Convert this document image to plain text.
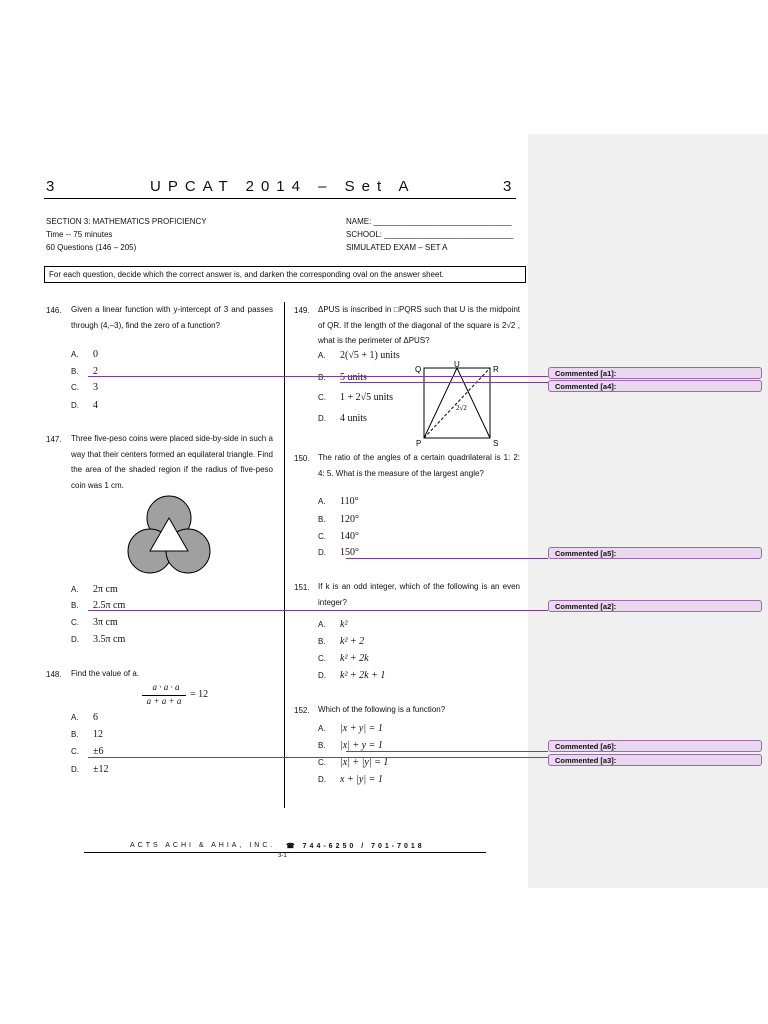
3	UPCAT 2014 – Set A	3
SECTION 3: MATHEMATICS PROFICIENCY
Time -- 75 minutes
60 Questions (146 – 205)
NAME: _______________________________
SCHOOL: _____________________________
SIMULATED EXAM – SET A
For each question, decide which the correct answer is, and darken the corresponding oval on the answer sheet.
146. Given a linear function with y-intercept of 3 and passes through (4,–3), find the zero of a function?
A. 0
B. 2
C. 3
D. 4
147. Three five-peso coins were placed side-by-side in such a way that their centers formed an equilateral triangle. Find the area of the shaded region if the radius of five-peso coin was 1 cm.
A. 2π cm
B. 2.5π cm
C. 3π cm
D. 3.5π cm
148. Find the value of a.
a · a · a
a + a + a
= 12
A. 6
B. 12
C. ±6
D. ±12
149. ΔPUS is inscribed in □PQRS such that U is the midpoint of QR. If the length of the diagonal of the square is 2√2 , what is the perimeter of ΔPUS?
A. 2(√5 + 1) units
B. 5 units
C. 1 + 2√5 units
D. 4 units
Q
U
R
P	S
2√2
150. The ratio of the angles of a certain quadrilateral is 1: 2: 4: 5. What is the measure of the largest angle?
A. 110°
B. 120°
C. 140°
D. 150°
151. If k is an odd integer, which of the following is an even integer?
A. k²
B. k² + 2
C. k² + 2k
D. k² + 2k + 1
152. Which of the following is a function?
A. |x + y| = 1
B. |x| + y = 1
C. |x| + |y| = 1
D. x + |y| = 1
Commented [a1]:
Commented [a4]:
Commented [a5]:
Commented [a2]:
Commented [a6]:
Commented [a3]:
ACTS ACHI & AHIA, INC. ☎ 744-6250 / 701-7018
3-1
